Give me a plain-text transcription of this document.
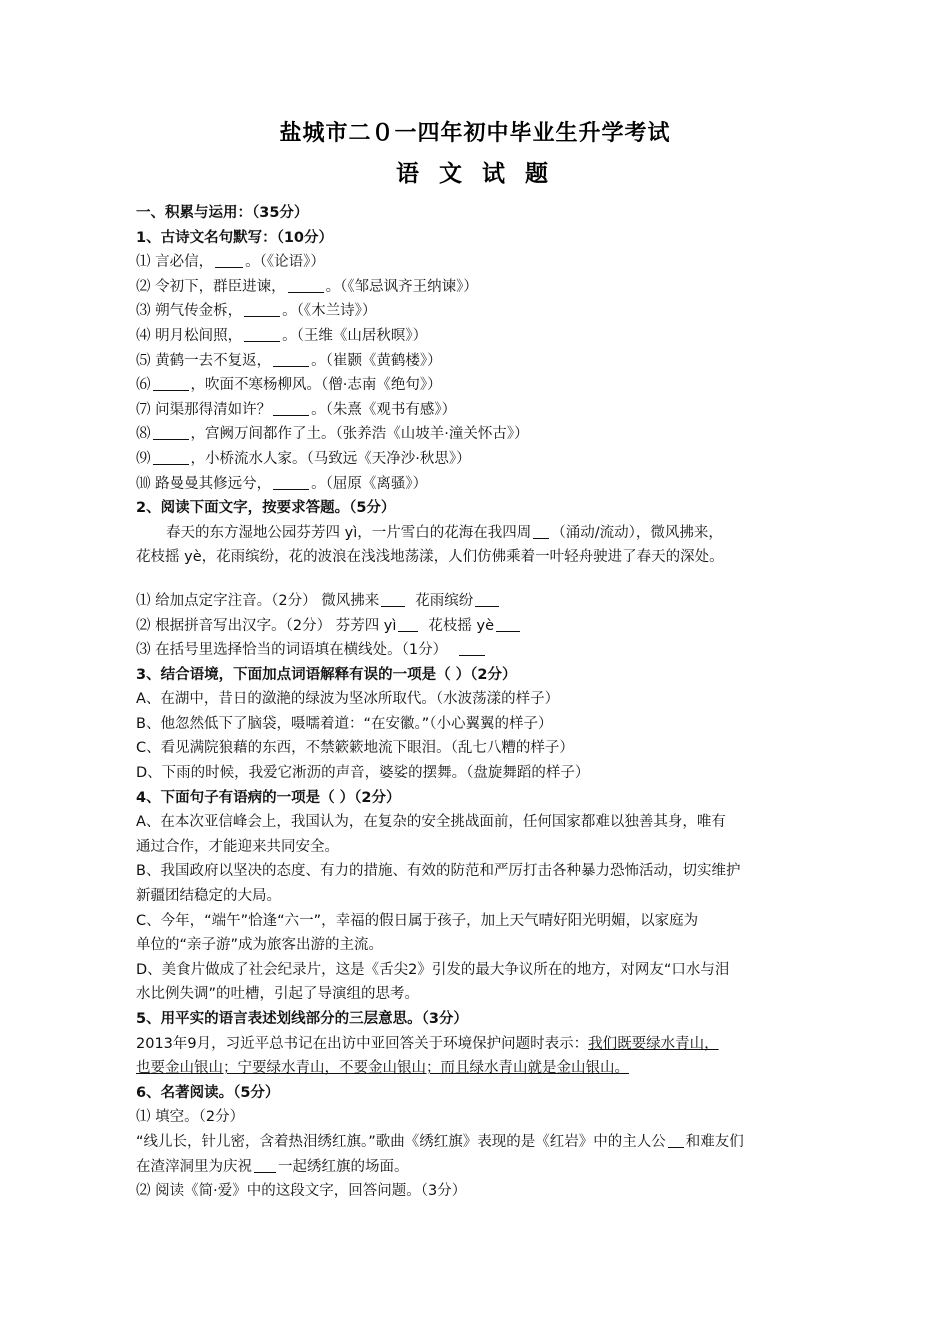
盐城市二０一四年初中毕业生升学考试
语 文 试 题
一、积累与运用：（35分）
1、古诗文名句默写：（10分）
⑴ 言必信， 。（《论语》）
⑵ 令初下，群臣进谏，	。（《邹忌讽齐王纳谏》）
⑶ 朔气传金柝，	。（《木兰诗》）
⑷ 明月松间照，	。（王维《山居秋暝》）
⑸ 黄鹤一去不复返，	。（崔颢《黄鹤楼》）
⑹	，吹面不寒杨柳风。（僧·志南《绝句》）
⑺ 问渠那得清如许？	。（朱熹《观书有感》）
⑻	，宫阙万间都作了土。（张养浩《山坡羊·潼关怀古》）
⑼	，小桥流水人家。（马致远《天净沙·秋思》）
⑽ 路曼曼其修远兮，	。（屈原《离骚》）
2、阅读下面文字，按要求答题。（5分）
春天的东方湿地公园芬芳四 yì，一片雪白的花海在我四周 （涌动/流动），微风拂来，
花枝摇 yè，花雨缤纷，花的波浪在浅浅地荡漾，人们仿佛乘着一叶轻舟驶进了春天的深处。
⑴ 给加点定字注音。（2分） 微风拂来 花雨缤纷
⑵ 根据拼音写出汉字。（2分） 芬芳四 yì 花枝摇 yè
⑶ 在括号里选择恰当的词语填在横线处。（1分）
3、结合语境，下面加点词语解释有误的一项是（ ）（2分）
A、在湖中，昔日的潋滟的绿波为坚冰所取代。（水波荡漾的样子）
B、他忽然低下了脑袋，嗫嚅着道：“在安徽。”（小心翼翼的样子）
C、看见满院狼藉的东西，不禁簌簌地流下眼泪。（乱七八糟的样子）
D、下雨的时候，我爱它淅沥的声音，婆娑的摆舞。（盘旋舞蹈的样子）
4、下面句子有语病的一项是（ ）（2分）
A、在本次亚信峰会上，我国认为，在复杂的安全挑战面前，任何国家都难以独善其身，唯有
通过合作，才能迎来共同安全。
B、我国政府以坚决的态度、有力的措施、有效的防范和严厉打击各种暴力恐怖活动，切实维护
新疆团结稳定的大局。
C、今年，“端午”恰逢“六一”，幸福的假日属于孩子，加上天气晴好阳光明媚，以家庭为
单位的“亲子游”成为旅客出游的主流。
D、美食片做成了社会纪录片，这是《舌尖2》引发的最大争议所在的地方，对网友“口水与泪
水比例失调”的吐槽，引起了导演组的思考。
5、用平实的语言表述划线部分的三层意思。（3分）
2013年9月，习近平总书记在出访中亚回答关于环境保护问题时表示：我们既要绿水青山，
也要金山银山；宁要绿水青山，不要金山银山；而且绿水青山就是金山银山。
6、名著阅读。（5分）
⑴ 填空。（2分）
“线儿长，针儿密，含着热泪绣红旗。”歌曲《绣红旗》表现的是《红岩》中的主人公 和难友们
在渣滓洞里为庆祝 一起绣红旗的场面。
⑵ 阅读《简·爱》中的这段文字，回答问题。（3分）
